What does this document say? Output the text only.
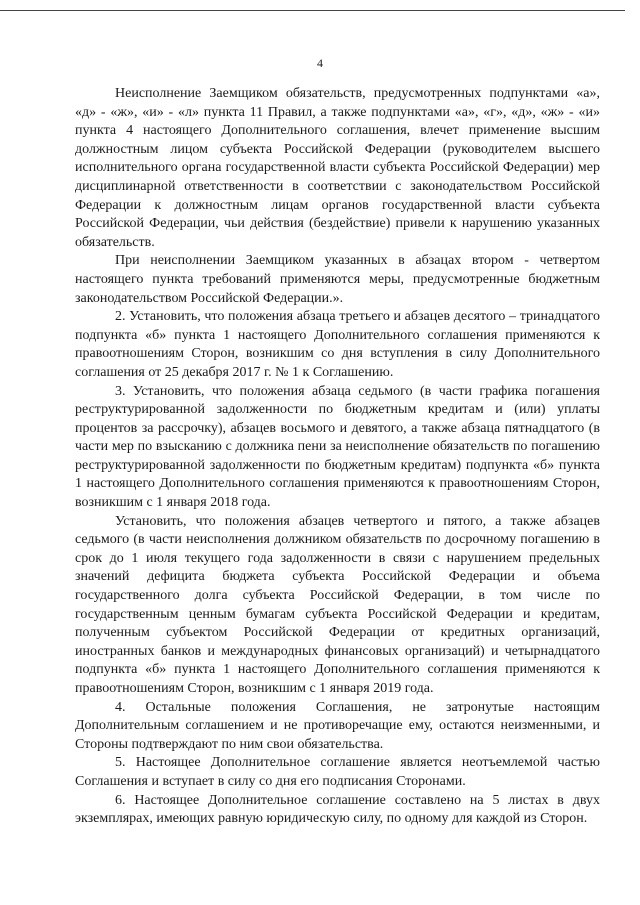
4

Неисполнение Заемщиком обязательств, предусмотренных подпунктами «а», «д» - «ж», «и» - «л» пункта 11 Правил, а также подпунктами «а», «г», «д», «ж» - «и» пункта 4 настоящего Дополнительного соглашения, влечет применение высшим должностным лицом субъекта Российской Федерации (руководителем высшего исполнительного органа государственной власти субъекта Российской Федерации) мер дисциплинарной ответственности в соответствии с законодательством Российской Федерации к должностным лицам органов государственной власти субъекта Российской Федерации, чьи действия (бездействие) привели к нарушению указанных обязательств.

При неисполнении Заемщиком указанных в абзацах втором - четвертом настоящего пункта требований применяются меры, предусмотренные бюджетным законодательством Российской Федерации.».

2. Установить, что положения абзаца третьего и абзацев десятого – тринадцатого подпункта «б» пункта 1 настоящего Дополнительного соглашения применяются к правоотношениям Сторон, возникшим со дня вступления в силу Дополнительного соглашения от 25 декабря 2017 г. № 1 к Соглашению.

3. Установить, что положения абзаца седьмого (в части графика погашения реструктурированной задолженности по бюджетным кредитам и (или) уплаты процентов за рассрочку), абзацев восьмого и девятого, а также абзаца пятнадцатого (в части мер по взысканию с должника пени за неисполнение обязательств по погашению реструктурированной задолженности по бюджетным кредитам) подпункта «б» пункта 1 настоящего Дополнительного соглашения применяются к правоотношениям Сторон, возникшим с 1 января 2018 года.

Установить, что положения абзацев четвертого и пятого, а также абзацев седьмого (в части неисполнения должником обязательств по досрочному погашению в срок до 1 июля текущего года задолженности в связи с нарушением предельных значений дефицита бюджета субъекта Российской Федерации и объема государственного долга субъекта Российской Федерации, в том числе по государственным ценным бумагам субъекта Российской Федерации и кредитам, полученным субъектом Российской Федерации от кредитных организаций, иностранных банков и международных финансовых организаций) и четырнадцатого подпункта «б» пункта 1 настоящего Дополнительного соглашения применяются к правоотношениям Сторон, возникшим с 1 января 2019 года.

4. Остальные положения Соглашения, не затронутые настоящим Дополнительным соглашением и не противоречащие ему, остаются неизменными, и Стороны подтверждают по ним свои обязательства.

5. Настоящее Дополнительное соглашение является неотъемлемой частью Соглашения и вступает в силу со дня его подписания Сторонами.

6. Настоящее Дополнительное соглашение составлено на 5 листах в двух экземплярах, имеющих равную юридическую силу, по одному для каждой из Сторон.
